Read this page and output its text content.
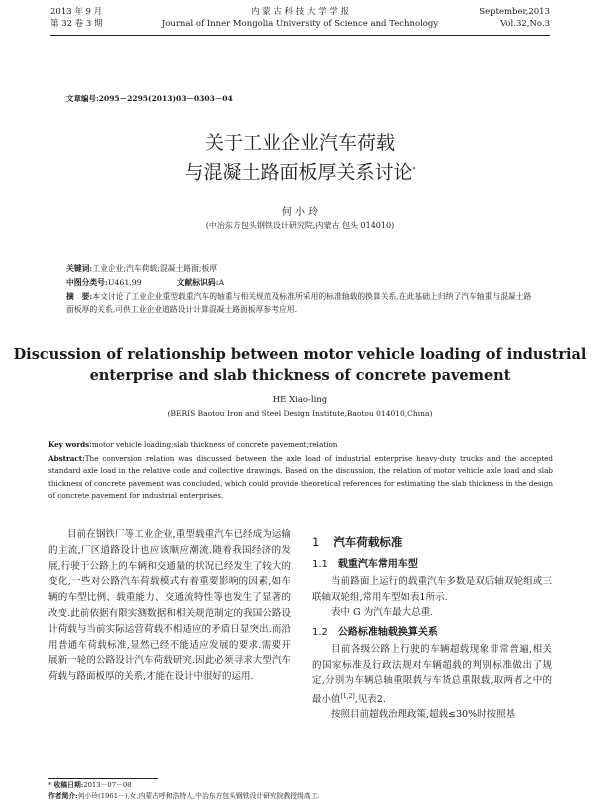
2013 年 9 月
第 32 卷 3 期
内 蒙 古 科 技 大 学 学 报
Journal of Inner Mongolia University of Science and Technology
September,2013
Vol.32,No.3
文章编号:2095－2295(2013)03－0303－04
关于工业企业汽车荷载
与混凝土路面板厚关系讨论*
何 小 玲
(中冶东方包头钢铁设计研究院,内蒙古 包头 014010)
关键词:工业企业;汽车荷载;混凝土路面;板厚
中图分类号:U461.99	文献标识码:A
摘　要:本文讨论了工业企业重型载重汽车的轴重与相关规范及标准所采用的标准轴载的换算关系,在此基础上归纳了汽车轴重与混凝土路面板厚的关系,可供工业企业道路设计计算混凝土路面板厚参考应用.
Discussion of relationship between motor vehicle loading of industrial
enterprise and slab thickness of concrete pavement
HE Xiao-ling
(BERIS Baotou Iron and Steel Design Institute,Baotou 014010,China)
Key words:motor vehicle loading;slab thickness of concrete pavement;relation
Abstract:The conversion relation was discussed between the axle load of industrial enterprise heavy-duty trucks and the accepted standard axle load in the relative code and collective drawings. Based on the discussion, the relation of motor vehicle axle load and slab thickness of concrete pavement was concluded, which could provide theoretical references for estimating the slab thickness in the design of concrete pavement for industrial enterprises.

目前在钢铁厂等工业企业,重型载重汽车已经成为运输的主流,厂区道路设计也应该顺应潮流.随着我国经济的发展,行驶于公路上的车辆和交通量的状况已经发生了较大的变化,一些对公路汽车荷载模式有着重要影响的因素,如车辆的车型比例、载重能力、交通流特性等也发生了显著的改变.此前依据有限实测数据和相关规范制定的我国公路设计荷载与当前实际运营荷载不相适应的矛盾日显突出.而沿用普通车荷载标准,显然已经不能适应发展的要求.需要开展新一轮的公路设计汽车荷载研究.因此必须寻求大型汽车荷载与路面板厚的关系,才能在设计中很好的运用.

1 汽车荷载标准
1.1 载重汽车常用车型

当前路面上运行的载重汽车多数是双后轴双轮组或三联轴双轮组,常用车型如表1所示.

表中 G 为汽车最大总重.

1.2 公路标准轴载换算关系

目前各级公路上行驶的车辆超载现象非常普遍,相关的国家标准及行政法规对车辆超载的判别标准做出了规定,分别为车辆总轴重限载与车货总重限载,取两者之中的最小值[1,2],见表2.

按照目前超载治理政策,超载≤30%时按照基

* 收稿日期:2013－07－08
作者简介:何小玲(1961－),女,内蒙古呼和浩特人,中冶东方包头钢铁设计研究院教授级高工.
